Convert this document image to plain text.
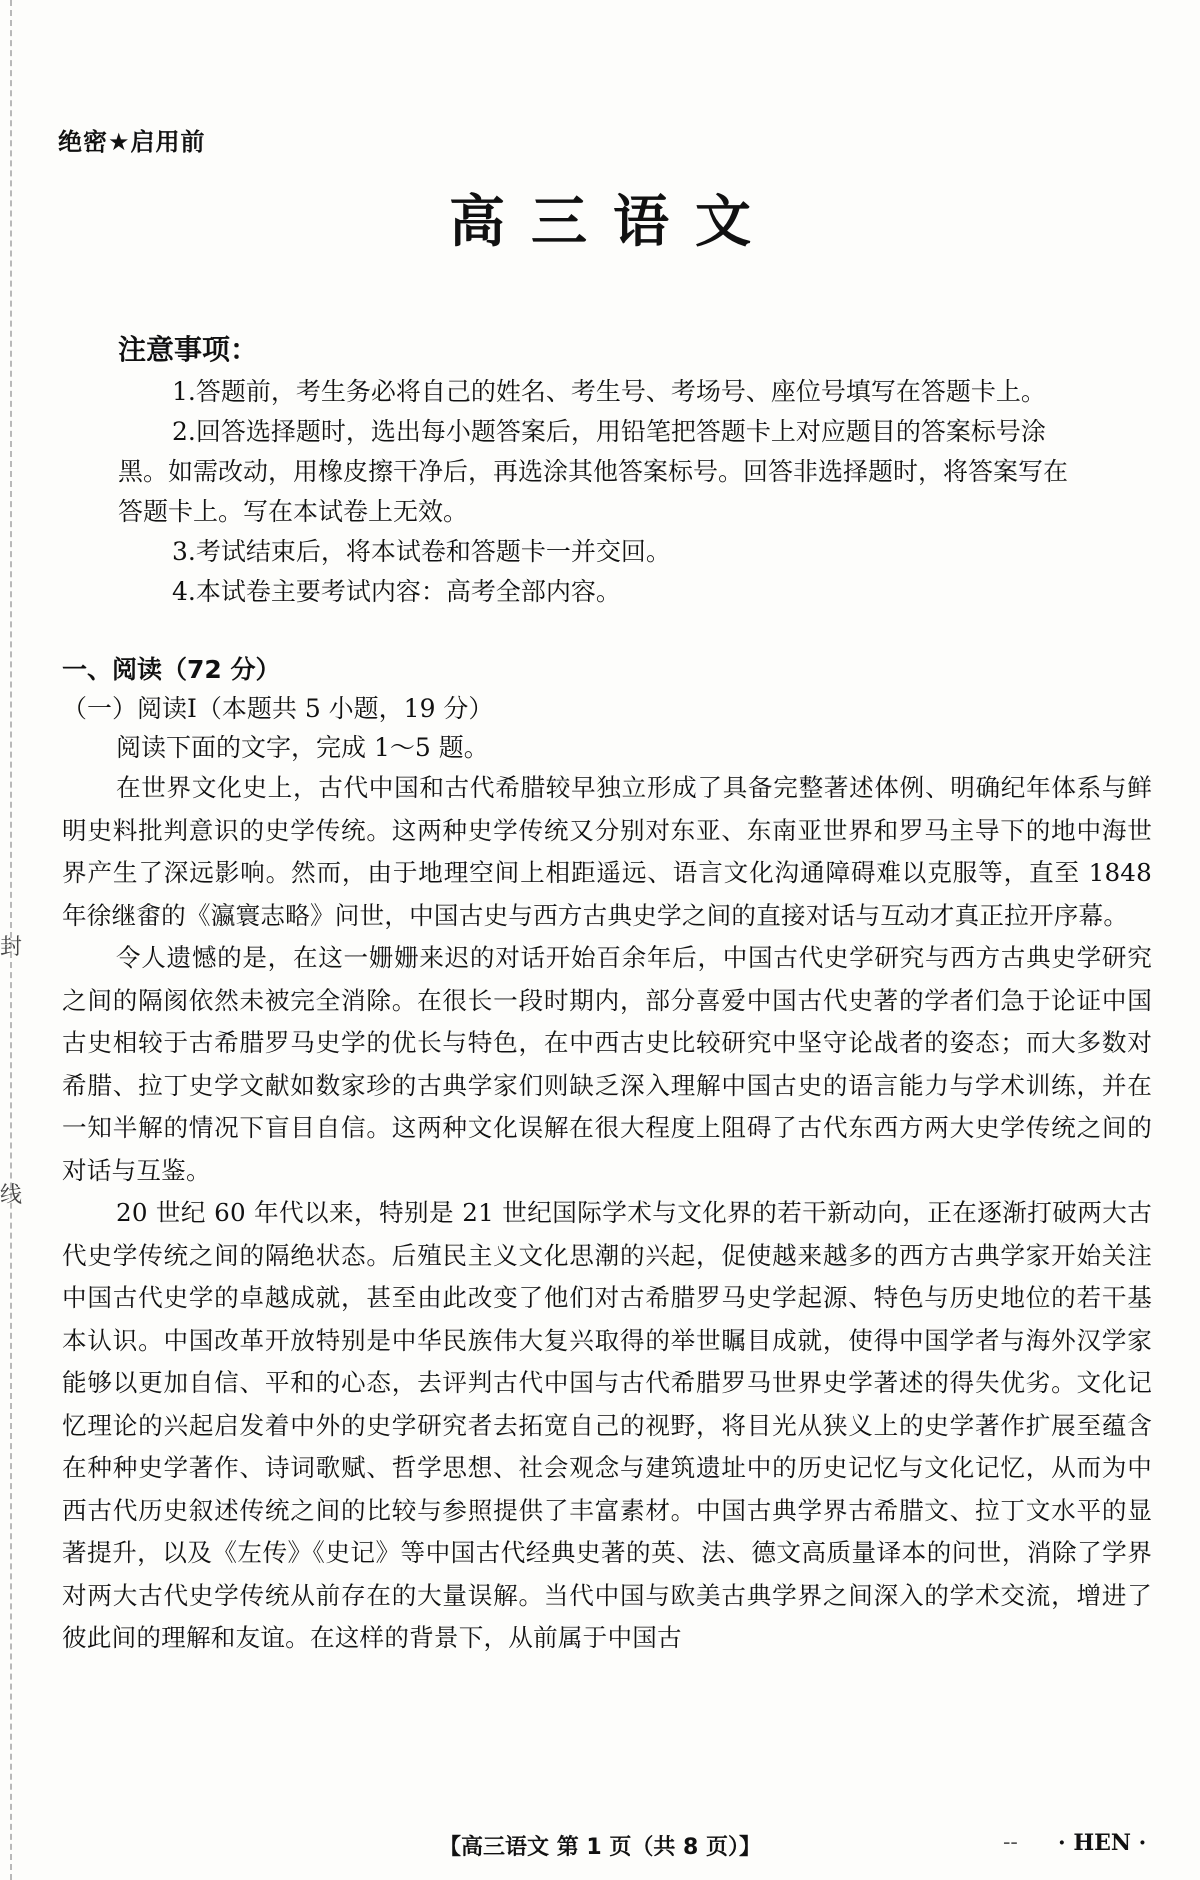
封
线
绝密★启用前
高三语文
注意事项：

1.答题前，考生务必将自己的姓名、考生号、考场号、座位号填写在答题卡上。

2.回答选择题时，选出每小题答案后，用铅笔把答题卡上对应题目的答案标号涂黑。如需改动，用橡皮擦干净后，再选涂其他答案标号。回答非选择题时，将答案写在答题卡上。写在本试卷上无效。

3.考试结束后，将本试卷和答题卡一并交回。

4.本试卷主要考试内容：高考全部内容。

一、阅读（72 分）
（一）阅读Ⅰ（本题共 5 小题，19 分）
阅读下面的文字，完成 1～5 题。

在世界文化史上，古代中国和古代希腊较早独立形成了具备完整著述体例、明确纪年体系与鲜明史料批判意识的史学传统。这两种史学传统又分别对东亚、东南亚世界和罗马主导下的地中海世界产生了深远影响。然而，由于地理空间上相距遥远、语言文化沟通障碍难以克服等，直至 1848 年徐继畬的《瀛寰志略》问世，中国古史与西方古典史学之间的直接对话与互动才真正拉开序幕。

令人遗憾的是，在这一姗姗来迟的对话开始百余年后，中国古代史学研究与西方古典史学研究之间的隔阂依然未被完全消除。在很长一段时期内，部分喜爱中国古代史著的学者们急于论证中国古史相较于古希腊罗马史学的优长与特色，在中西古史比较研究中坚守论战者的姿态；而大多数对希腊、拉丁史学文献如数家珍的古典学家们则缺乏深入理解中国古史的语言能力与学术训练，并在一知半解的情况下盲目自信。这两种文化误解在很大程度上阻碍了古代东西方两大史学传统之间的对话与互鉴。

20 世纪 60 年代以来，特别是 21 世纪国际学术与文化界的若干新动向，正在逐渐打破两大古代史学传统之间的隔绝状态。后殖民主义文化思潮的兴起，促使越来越多的西方古典学家开始关注中国古代史学的卓越成就，甚至由此改变了他们对古希腊罗马史学起源、特色与历史地位的若干基本认识。中国改革开放特别是中华民族伟大复兴取得的举世瞩目成就，使得中国学者与海外汉学家能够以更加自信、平和的心态，去评判古代中国与古代希腊罗马世界史学著述的得失优劣。文化记忆理论的兴起启发着中外的史学研究者去拓宽自己的视野，将目光从狭义上的史学著作扩展至蕴含在种种史学著作、诗词歌赋、哲学思想、社会观念与建筑遗址中的历史记忆与文化记忆，从而为中西古代历史叙述传统之间的比较与参照提供了丰富素材。中国古典学界古希腊文、拉丁文水平的显著提升，以及《左传》《史记》等中国古代经典史著的英、法、德文高质量译本的问世，消除了学界对两大古代史学传统从前存在的大量误解。当代中国与欧美古典学界之间深入的学术交流，增进了彼此间的理解和友谊。在这样的背景下，从前属于中国古

【高三语文 第 1 页（共 8 页）】	-- · HEN ·
